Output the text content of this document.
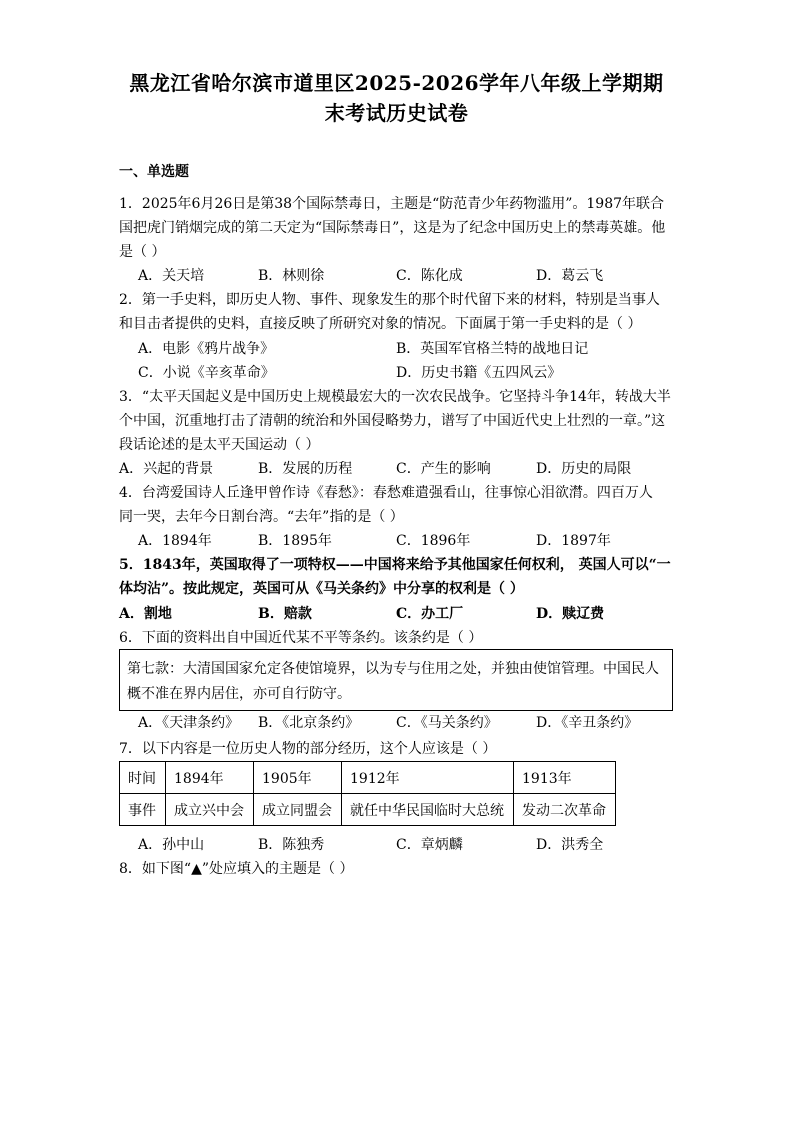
黑龙江省哈尔滨市道里区2025-2026学年八年级上学期期
末考试历史试卷
一、单选题
1．2025年6月26日是第38个国际禁毒日，主题是“防范青少年药物滥用”。1987年联合
国把虎门销烟完成的第二天定为“国际禁毒日”，这是为了纪念中国历史上的禁毒英雄。他
是（ ）
A．关天培	B．林则徐	C．陈化成	D．葛云飞
2．第一手史料，即历史人物、事件、现象发生的那个时代留下来的材料，特别是当事人
和目击者提供的史料，直接反映了所研究对象的情况。下面属于第一手史料的是（ ）
A．电影《鸦片战争》	B．英国军官格兰特的战地日记
C．小说《辛亥革命》	D．历史书籍《五四风云》
3．“太平天国起义是中国历史上规模最宏大的一次农民战争。它坚持斗争14年，转战大半
个中国，沉重地打击了清朝的统治和外国侵略势力，谱写了中国近代史上壮烈的一章。”这
段话论述的是太平天国运动（ ）
A．兴起的背景	B．发展的历程	C．产生的影响	D．历史的局限
4．台湾爱国诗人丘逢甲曾作诗《春愁》：春愁难遣强看山，往事惊心泪欲潸。四百万人
同一哭，去年今日割台湾。“去年”指的是（ ）
A．1894年	B．1895年	C．1896年	D．1897年
5．1843年，英国取得了一项特权——中国将来给予其他国家任何权利， 英国人可以“一
体均沾”。按此规定，英国可从《马关条约》中分享的权利是（ ）
A．割地	B．赔款	C．办工厂	D．赎辽费
6．下面的资料出自中国近代某不平等条约。该条约是（ ）
第七款：大清国国家允定各使馆境界，以为专与住用之处，并独由使馆管理。中国民人
概不准在界内居住，亦可自行防守。
A．《天津条约》 B．《北京条约》	C．《马关条约》	D．《辛丑条约》
7．以下内容是一位历史人物的部分经历，这个人应该是（ ）
时间	1894年	1905年	1912年	1913年
事件	成立兴中会	成立同盟会	就任中华民国临时大总统	发动二次革命
A．孙中山	B．陈独秀	C．章炳麟	D．洪秀全
8．如下图“▲”处应填入的主题是（ ）
